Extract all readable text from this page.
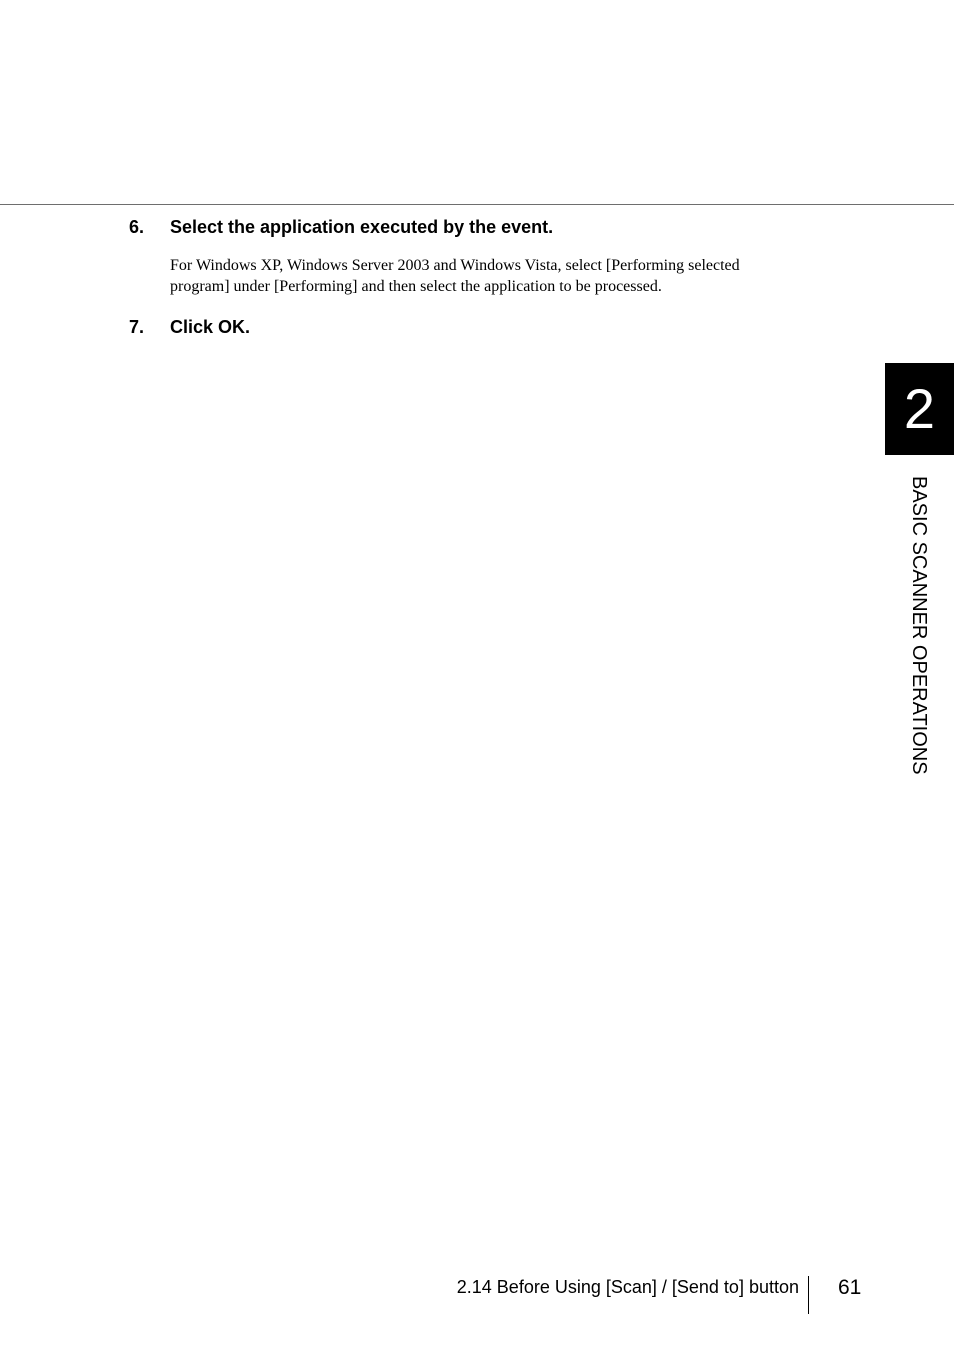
6. Select the application executed by the event.
For Windows XP, Windows Server 2003 and Windows Vista, select [Performing selected
program] under [Performing] and then select the application to be processed.
7. Click OK.
2
BASIC SCANNER OPERATIONS
2.14 Before Using [Scan] / [Send to] button 61
